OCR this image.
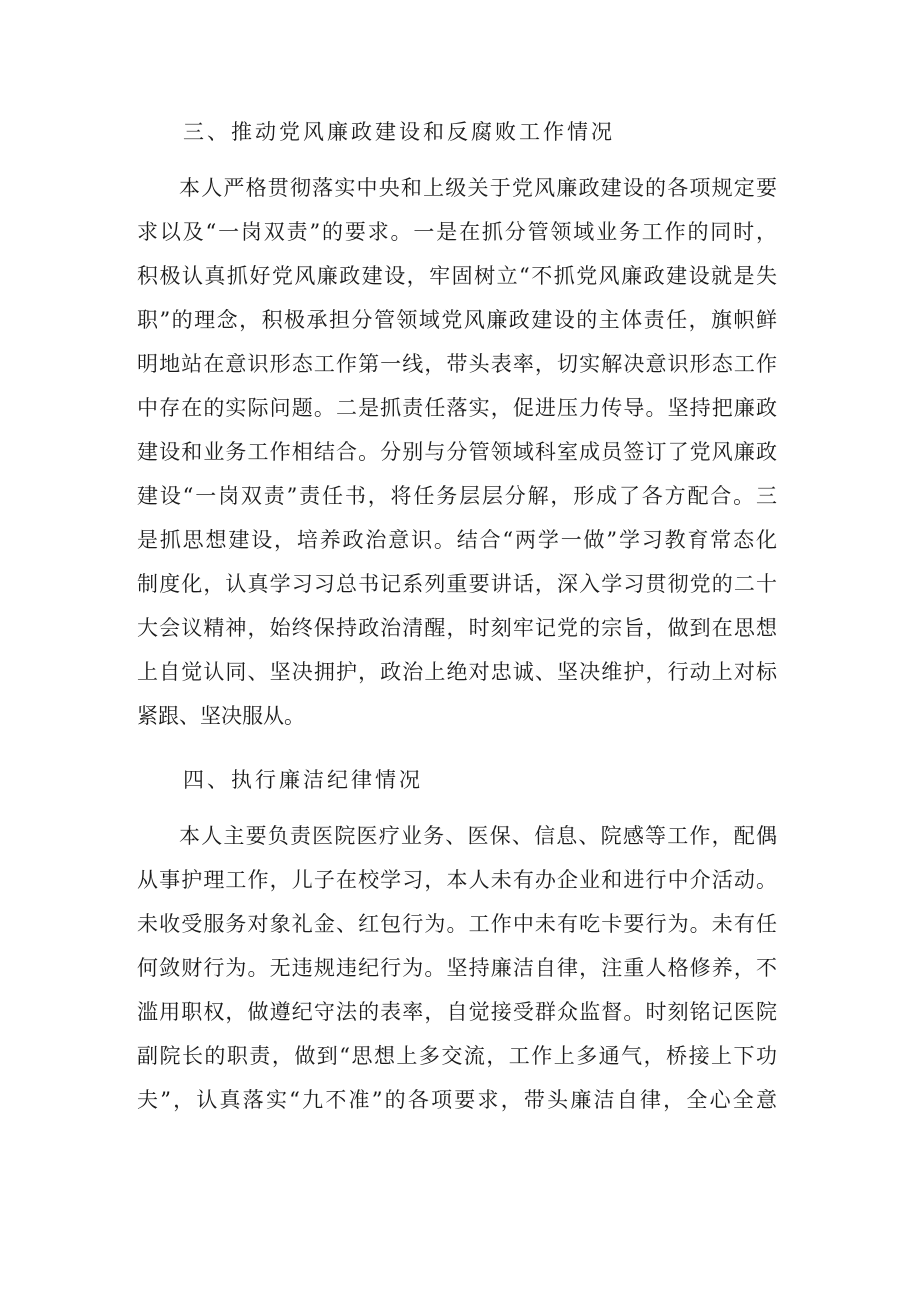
三、推动党风廉政建设和反腐败工作情况
本人严格贯彻落实中央和上级关于党风廉政建设的各项规定要
求以及“一岗双责”的要求。一是在抓分管领域业务工作的同时，
积极认真抓好党风廉政建设，牢固树立“不抓党风廉政建设就是失
职”的理念，积极承担分管领域党风廉政建设的主体责任，旗帜鲜
明地站在意识形态工作第一线，带头表率，切实解决意识形态工作
中存在的实际问题。二是抓责任落实，促进压力传导。坚持把廉政
建设和业务工作相结合。分别与分管领域科室成员签订了党风廉政
建设“一岗双责”责任书，将任务层层分解，形成了各方配合。三
是抓思想建设，培养政治意识。结合“两学一做”学习教育常态化
制度化，认真学习习总书记系列重要讲话，深入学习贯彻党的二十
大会议精神，始终保持政治清醒，时刻牢记党的宗旨，做到在思想
上自觉认同、坚决拥护，政治上绝对忠诚、坚决维护，行动上对标
紧跟、坚决服从。
四、执行廉洁纪律情况
本人主要负责医院医疗业务、医保、信息、院感等工作，配偶
从事护理工作，儿子在校学习，本人未有办企业和进行中介活动。
未收受服务对象礼金、红包行为。工作中未有吃卡要行为。未有任
何敛财行为。无违规违纪行为。坚持廉洁自律，注重人格修养，不
滥用职权，做遵纪守法的表率，自觉接受群众监督。时刻铭记医院
副院长的职责，做到“思想上多交流，工作上多通气，桥接上下功
夫”，认真落实“九不准”的各项要求，带头廉洁自律，全心全意
